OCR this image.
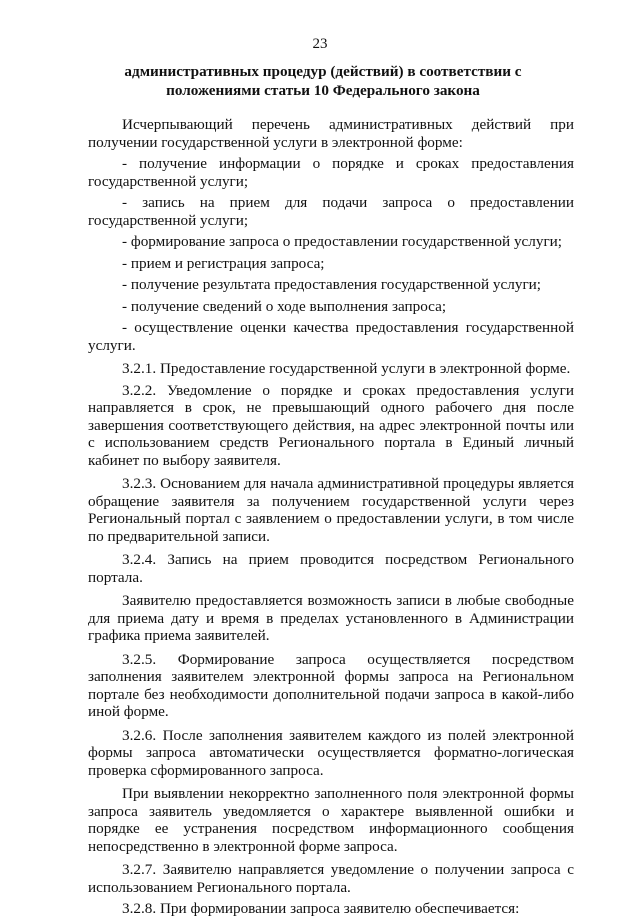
23
административных процедур (действий) в соответствии с
положениями статьи 10 Федерального закона

Исчерпывающий перечень административных действий при получении государственной услуги в электронной форме:

- получение информации о порядке и сроках предоставления государственной услуги;

- запись на прием для подачи запроса о предоставлении государственной услуги;

- формирование запроса о предоставлении государственной услуги;

- прием и регистрация запроса;

- получение результата предоставления государственной услуги;

- получение сведений о ходе выполнения запроса;

- осуществление оценки качества предоставления государственной услуги.

3.2.1. Предоставление государственной услуги в электронной форме.

3.2.2. Уведомление о порядке и сроках предоставления услуги направляется в срок, не превышающий одного рабочего дня после завершения соответствующего действия, на адрес электронной почты или с использованием средств Регионального портала в Единый личный кабинет по выбору заявителя.

3.2.3. Основанием для начала административной процедуры является обращение заявителя за получением государственной услуги через Региональный портал с заявлением о предоставлении услуги, в том числе по предварительной записи.

3.2.4. Запись на прием проводится посредством Регионального портала.

Заявителю предоставляется возможность записи в любые свободные для приема дату и время в пределах установленного в Администрации графика приема заявителей.

3.2.5. Формирование запроса осуществляется посредством заполнения заявителем электронной формы запроса на Региональном портале без необходимости дополнительной подачи запроса в какой-либо иной форме.

3.2.6. После заполнения заявителем каждого из полей электронной формы запроса автоматически осуществляется форматно-логическая проверка сформированного запроса.

При выявлении некорректно заполненного поля электронной формы запроса заявитель уведомляется о характере выявленной ошибки и порядке ее устранения посредством информационного сообщения непосредственно в электронной форме запроса.

3.2.7. Заявителю направляется уведомление о получении запроса с использованием Регионального портала.

3.2.8. При формировании запроса заявителю обеспечивается:
